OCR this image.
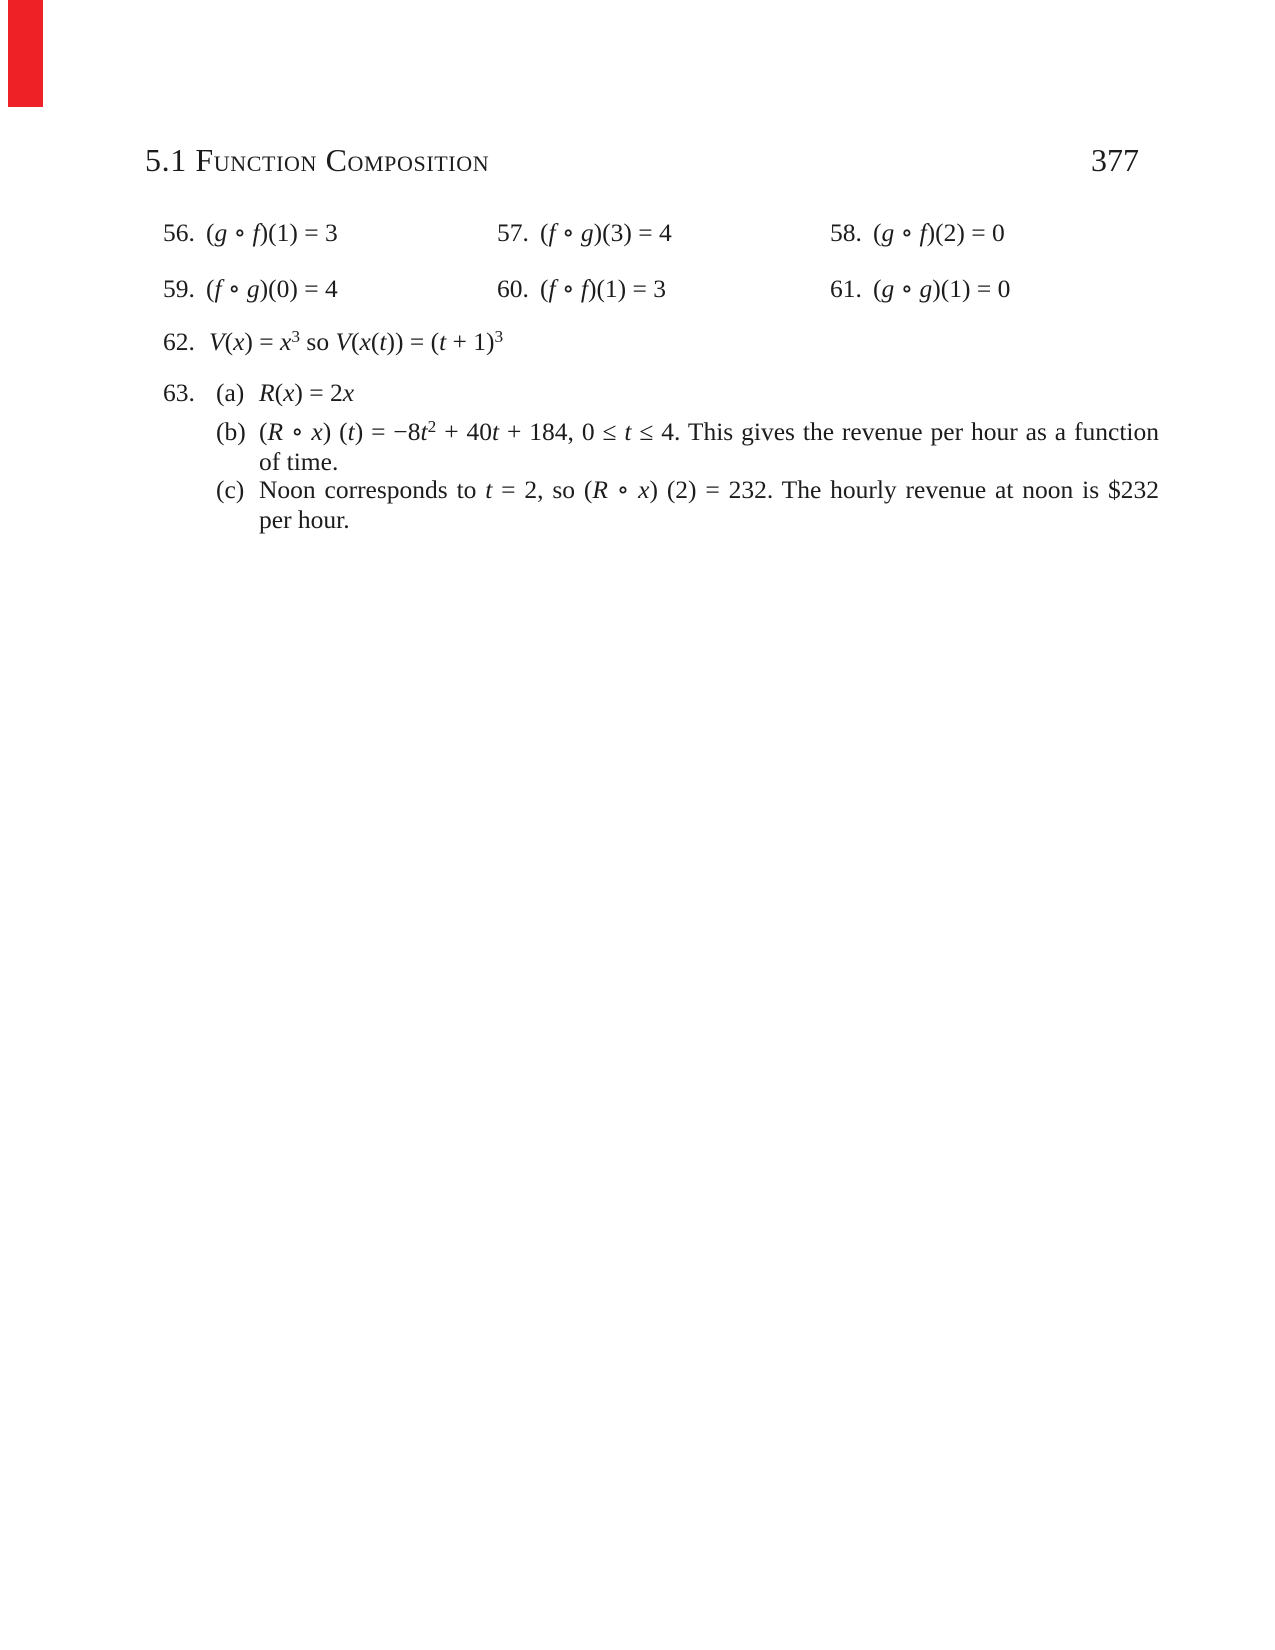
5.1 Function Composition	377
56. (g ∘ f)(1) = 3	57. (f ∘ g)(3) = 4	58. (g ∘ f)(2) = 0
59. (f ∘ g)(0) = 4	60. (f ∘ f)(1) = 3	61. (g ∘ g)(1) = 0
62. $V(x) = x^3$ so $V(x(t)) = (t + 1)^3$
63. (a) R(x) = 2x
(b) (R ∘ x) $(t) = -8t^2 + 40t + 184$, 0 ≤ t ≤ 4. This gives the revenue per hour as a function
of time.
(c) Noon corresponds to t = 2, so (R ∘ x) (2) = 232. The hourly revenue at noon is $232
per hour.
